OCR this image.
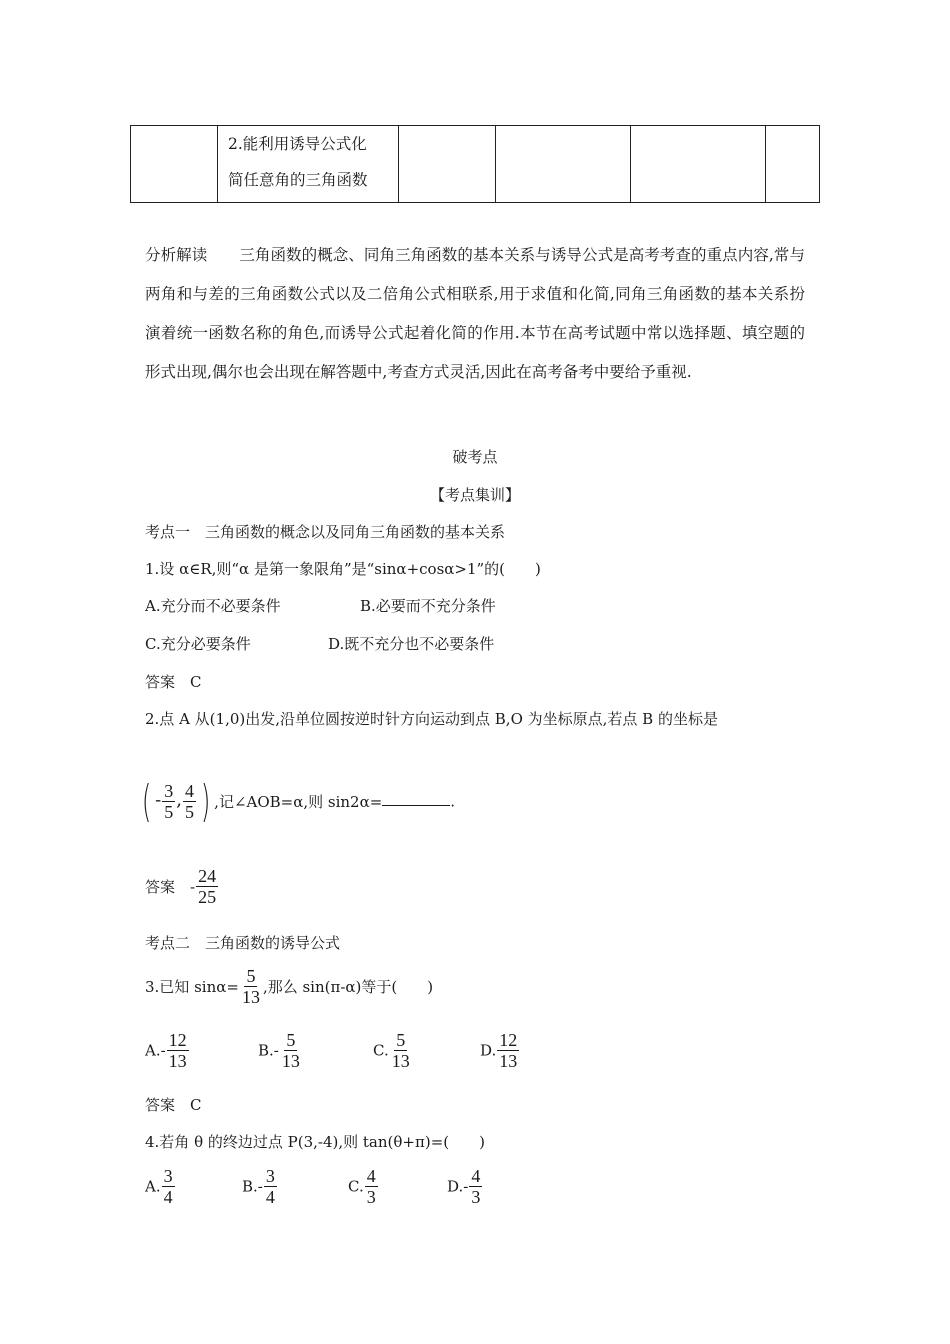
2.能利用诱导公式化
简任意角的三角函数

分析解读 三角函数的概念、同角三角函数的基本关系与诱导公式是高考考查的重点内容,常与两角和与差的三角函数公式以及二倍角公式相联系,用于求值和化简,同角三角函数的基本关系扮演着统一函数名称的角色,而诱导公式起着化简的作用.本节在高考试题中常以选择题、填空题的形式出现,偶尔也会出现在解答题中,考查方式灵活,因此在高考备考中要给予重视.
破考点
【考点集训】
考点一　三角函数的概念以及同角三角函数的基本关系
1.设 α∈R,则“α 是第一象限角”是“sinα+cosα>1”的(　　)
A.充分而不必要条件	B.必要而不充分条件
C.充分必要条件	D.既不充分也不必要条件
答案　C
2.点 A 从(1,0)出发,沿单位圆按逆时针方向运动到点 B,O 为坐标原点,若点 B 的坐标是
( - $\frac{3}{5}$ , $\frac{4}{5}$ ) ,记∠AOB=α,则 sin2α=	.
答案　- $\frac{24}{25}$
考点二　三角函数的诱导公式
3.已知 $\sin\alpha= \frac{5}{13}$ ,那么 sin(π-α)等于(　　)
$A.- \frac{12}{13}$	$B.- \frac{5}{13}$	C. $\frac{5}{13}$	D. $\frac{12}{13}$
答案　C
4.若角 θ 的终边过点 P(3,-4),则 tan(θ+π)=(　　)
A. $\frac{3}{4}$	$B.- \frac{3}{4}$	C. $\frac{4}{3}$	$D.- \frac{4}{3}$
